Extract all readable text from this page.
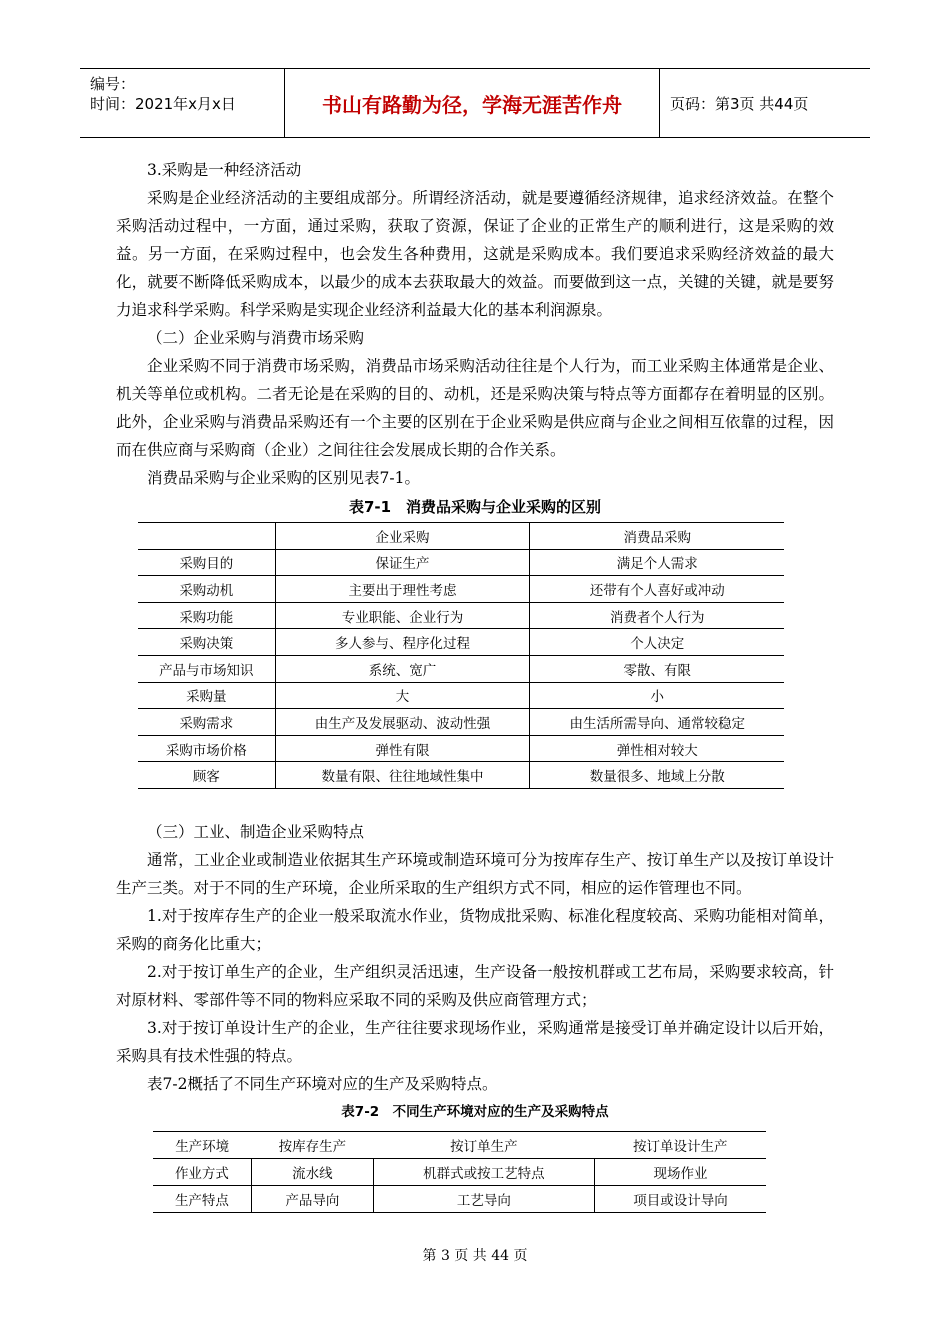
编号：
时间：2021年x月x日	书山有路勤为径，学海无涯苦作舟	页码：第3页 共44页

3.采购是一种经济活动

采购是企业经济活动的主要组成部分。所谓经济活动，就是要遵循经济规律，追求经济效益。在整个采购活动过程中，一方面，通过采购，获取了资源，保证了企业的正常生产的顺利进行，这是采购的效益。另一方面，在采购过程中，也会发生各种费用，这就是采购成本。我们要追求采购经济效益的最大化，就要不断降低采购成本，以最少的成本去获取最大的效益。而要做到这一点，关键的关键，就是要努力追求科学采购。科学采购是实现企业经济利益最大化的基本利润源泉。

（二）企业采购与消费市场采购

企业采购不同于消费市场采购，消费品市场采购活动往往是个人行为，而工业采购主体通常是企业、机关等单位或机构。二者无论是在采购的目的、动机，还是采购决策与特点等方面都存在着明显的区别。此外，企业采购与消费品采购还有一个主要的区别在于企业采购是供应商与企业之间相互依靠的过程，因而在供应商与采购商（企业）之间往往会发展成长期的合作关系。

消费品采购与企业采购的区别见表7-1。

表7-1　消费品采购与企业采购的区别

	企业采购	消费品采购
采购目的	保证生产	满足个人需求
采购动机	主要出于理性考虑	还带有个人喜好或冲动
采购功能	专业职能、企业行为	消费者个人行为
采购决策	多人参与、程序化过程	个人决定
产品与市场知识	系统、宽广	零散、有限
采购量	大	小
采购需求	由生产及发展驱动、波动性强	由生活所需导向、通常较稳定
采购市场价格	弹性有限	弹性相对较大
顾客	数量有限、往往地域性集中	数量很多、地域上分散

（三）工业、制造企业采购特点

通常，工业企业或制造业依据其生产环境或制造环境可分为按库存生产、按订单生产以及按订单设计生产三类。对于不同的生产环境，企业所采取的生产组织方式不同，相应的运作管理也不同。

1.对于按库存生产的企业一般采取流水作业，货物成批采购、标准化程度较高、采购功能相对简单，采购的商务化比重大；

2.对于按订单生产的企业，生产组织灵活迅速，生产设备一般按机群或工艺布局，采购要求较高，针对原材料、零部件等不同的物料应采取不同的采购及供应商管理方式；

3.对于按订单设计生产的企业，生产往往要求现场作业，采购通常是接受订单并确定设计以后开始，采购具有技术性强的特点。

表7-2概括了不同生产环境对应的生产及采购特点。

表7-2　不同生产环境对应的生产及采购特点

生产环境	按库存生产	按订单生产	按订单设计生产
作业方式	流水线	机群式或按工艺特点	现场作业
生产特点	产品导向	工艺导向	项目或设计导向
第 3 页 共 44 页
